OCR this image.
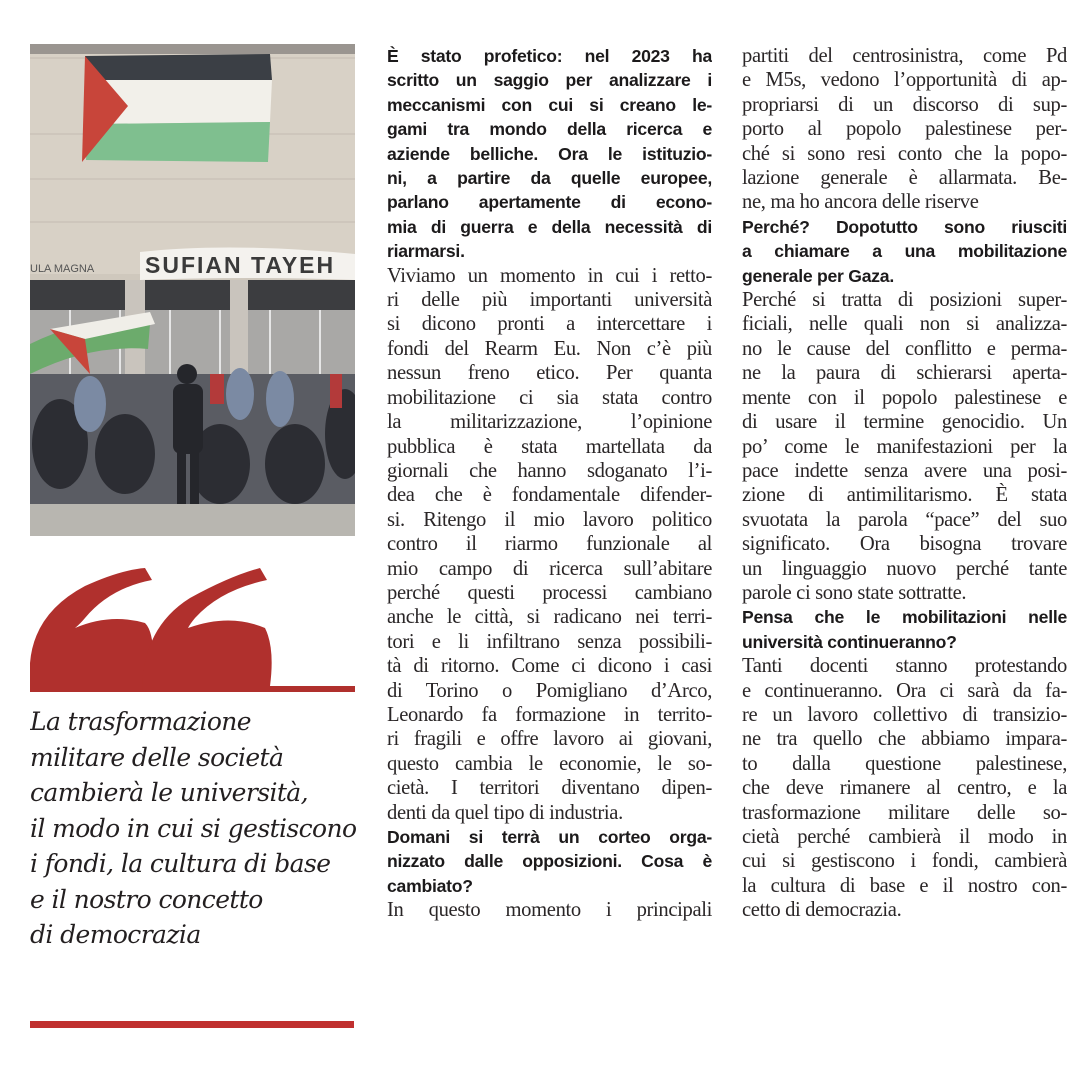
ULA MAGNA SUFIAN TAYEH
La trasformazione
militare delle società
cambierà le università,
il modo in cui si gestiscono
i fondi, la cultura di base
e il nostro concetto
di democrazia
È stato profetico: nel 2023 ha
scritto un saggio per analizzare i
meccanismi con cui si creano le-
gami tra mondo della ricerca e
aziende belliche. Ora le istituzio-
ni, a partire da quelle europee,
parlano apertamente di econo-
mia di guerra e della necessità di
riarmarsi.
Viviamo un momento in cui i retto-
ri delle più importanti università
si dicono pronti a intercettare i
fondi del Rearm Eu. Non c’è più
nessun freno etico. Per quanta
mobilitazione ci sia stata contro
la militarizzazione, l’opinione
pubblica è stata martellata da
giornali che hanno sdoganato l’i-
dea che è fondamentale difender-
si. Ritengo il mio lavoro politico
contro il riarmo funzionale al
mio campo di ricerca sull’abitare
perché questi processi cambiano
anche le città, si radicano nei terri-
tori e li infiltrano senza possibili-
tà di ritorno. Come ci dicono i casi
di Torino o Pomigliano d’Arco,
Leonardo fa formazione in territo-
ri fragili e offre lavoro ai giovani,
questo cambia le economie, le so-
cietà. I territori diventano dipen-
denti da quel tipo di industria.
Domani si terrà un corteo orga-
nizzato dalle opposizioni. Cosa è
cambiato?
In questo momento i principali
partiti del centrosinistra, come Pd
e M5s, vedono l’opportunità di ap-
propriarsi di un discorso di sup-
porto al popolo palestinese per-
ché si sono resi conto che la popo-
lazione generale è allarmata. Be-
ne, ma ho ancora delle riserve
Perché? Dopotutto sono riusciti
a chiamare a una mobilitazione
generale per Gaza.
Perché si tratta di posizioni super-
ficiali, nelle quali non si analizza-
no le cause del conflitto e perma-
ne la paura di schierarsi aperta-
mente con il popolo palestinese e
di usare il termine genocidio. Un
po’ come le manifestazioni per la
pace indette senza avere una posi-
zione di antimilitarismo. È stata
svuotata la parola “pace” del suo
significato. Ora bisogna trovare
un linguaggio nuovo perché tante
parole ci sono state sottratte.
Pensa che le mobilitazioni nelle
università continueranno?
Tanti docenti stanno protestando
e continueranno. Ora ci sarà da fa-
re un lavoro collettivo di transizio-
ne tra quello che abbiamo impara-
to dalla questione palestinese,
che deve rimanere al centro, e la
trasformazione militare delle so-
cietà perché cambierà il modo in
cui si gestiscono i fondi, cambierà
la cultura di base e il nostro con-
cetto di democrazia.
